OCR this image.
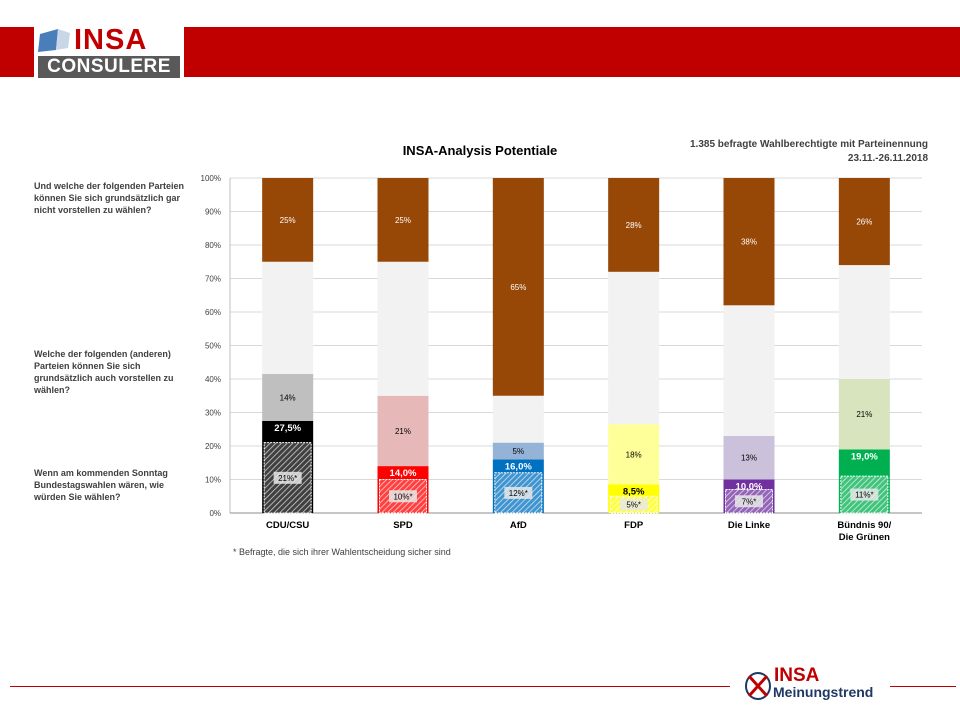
INSA
CONSULERE
INSA-Analysis Potentiale	1.385 befragte Wahlberechtigte mit Parteinennung
23.11.-26.11.2018
Und welche der folgenden Parteien können Sie sich grundsätzlich gar nicht vorstellen zu wählen?
Welche der folgenden (anderen) Parteien können Sie sich grundsätzlich auch vorstellen zu wählen?
Wenn am kommenden Sonntag Bundestagswahlen wären, wie würden Sie wählen?
0%
10%
20%
30%
40%
50%
60%
70%
80%
90%
100%
21%*
27,5%
14%
25%
CDU/CSU
10%*
14,0%
21%
25%
SPD
12%*
16,0%
5%
65%
AfD
5%*
8,5%
18%
28%
FDP
7%*
10,0%
13%
38%
Die Linke
11%*
19,0%
21%
26%
Bündnis 90/
Die Grünen
* Befragte, die sich ihrer Wahlentscheidung sicher sind
INSA
Meinungstrend
